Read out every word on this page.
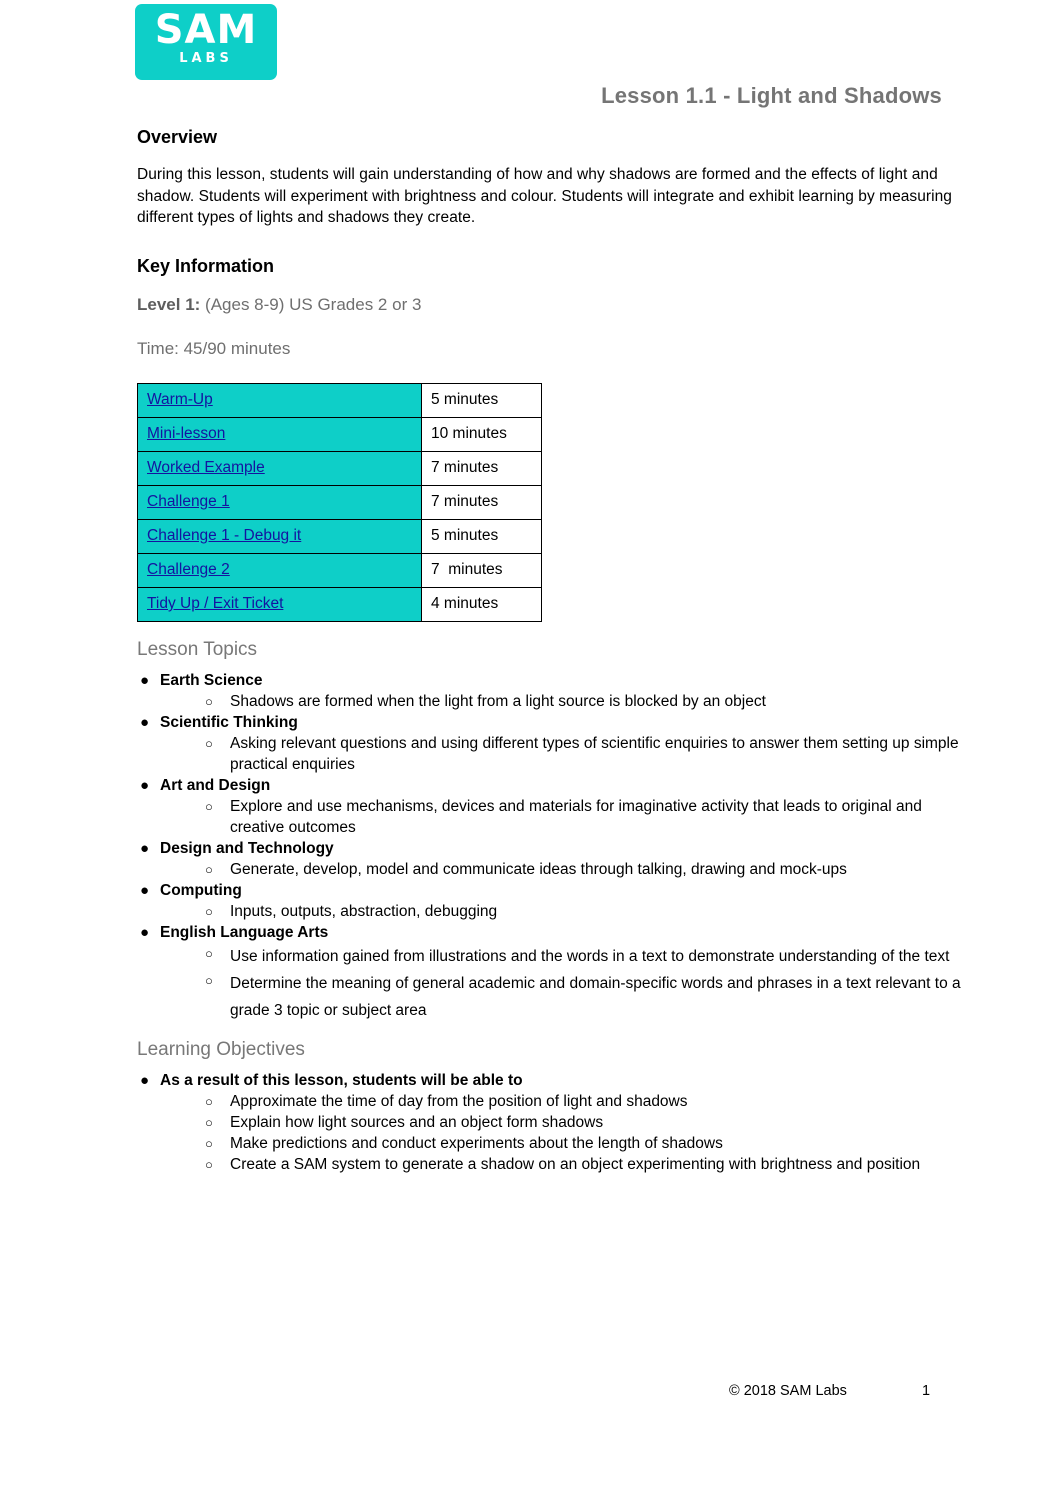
SAM
LABS
Lesson 1.1 - Light and Shadows
Overview

During this lesson, students will gain understanding of how and why shadows are formed and the effects of light and shadow. Students will experiment with brightness and colour. Students will integrate and exhibit learning by measuring different types of lights and shadows they create.

Key Information

Level 1: (Ages 8-9) US Grades 2 or 3

Time: 45/90 minutes

Warm-Up	5 minutes
Mini-lesson	10 minutes
Worked Example	7 minutes
Challenge 1	7 minutes
Challenge 1 - Debug it	5 minutes
Challenge 2	7  minutes
Tidy Up / Exit Ticket	4 minutes
Lesson Topics
● Earth Science
○ Shadows are formed when the light from a light source is blocked by an object
● Scientific Thinking
○ Asking relevant questions and using different types of scientific enquiries to answer them setting up simple practical enquiries
● Art and Design
○ Explore and use mechanisms, devices and materials for imaginative activity that leads to original and creative outcomes
● Design and Technology
○ Generate, develop, model and communicate ideas through talking, drawing and mock-ups
● Computing
○ Inputs, outputs, abstraction, debugging
● English Language Arts
○ Use information gained from illustrations and the words in a text to demonstrate understanding of the text
○ Determine the meaning of general academic and domain-specific words and phrases in a text relevant to a grade 3 topic or subject area
Learning Objectives
● As a result of this lesson, students will be able to
○ Approximate the time of day from the position of light and shadows
○ Explain how light sources and an object form shadows
○ Make predictions and conduct experiments about the length of shadows
○ Create a SAM system to generate a shadow on an object experimenting with brightness and position
© 2018 SAM Labs	1
